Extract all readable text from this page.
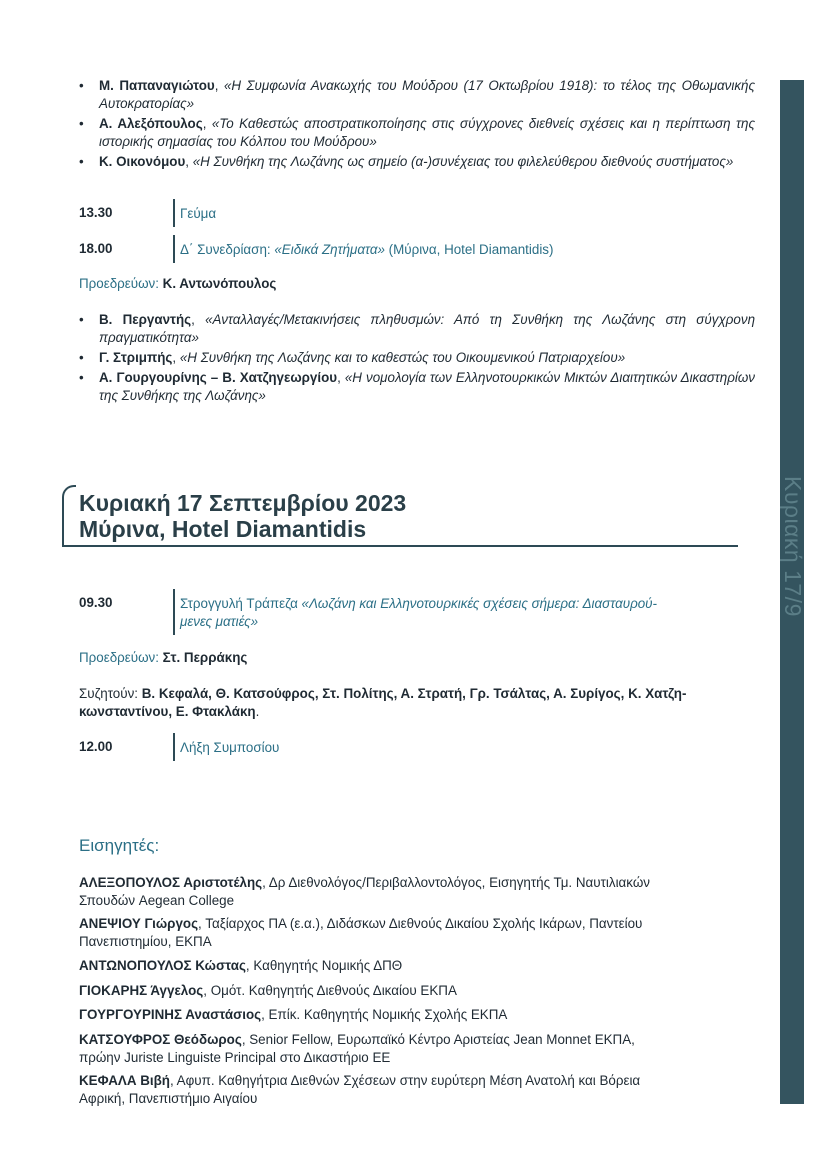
Κυριακή 17/9
• Μ. Παπαναγιώτου, «Η Συμφωνία Ανακωχής του Μούδρου (17 Οκτωβρίου 1918): το τέλος της Οθωμανικής Αυτοκρατορίας»
• Α. Αλεξόπουλος, «Το Καθεστώς αποστρατικοποίησης στις σύγχρονες διεθνείς σχέσεις και η περίπτωση της ιστορικής σημασίας του Κόλπου του Μούδρου»
• Κ. Οικονόμου, «Η Συνθήκη της Λωζάνης ως σημείο (α-)συνέχειας του φιλελεύθερου διεθνούς συστήματος»
13.30	Γεύμα
18.00	Δ΄ Συνεδρίαση: «Ειδικά Ζητήματα» (Μύρινα, Hotel Diamantidis)
Προεδρεύων: Κ. Αντωνόπουλος
• Β. Περγαντής, «Ανταλλαγές/Μετακινήσεις πληθυσμών: Από τη Συνθήκη της Λωζάνης στη σύγχρονη πραγματικότητα»
• Γ. Στριμπής, «Η Συνθήκη της Λωζάνης και το καθεστώς του Οικουμενικού Πατριαρχείου»
• Α. Γουργουρίνης – Β. Χατζηγεωργίου, «Η νομολογία των Ελληνοτουρκικών Μικτών Διαιτητικών Δικαστηρίων της Συνθήκης της Λωζάνης»
Κυριακή 17 Σεπτεμβρίου 2023
Μύρινα, Hotel Diamantidis
09.30	Στρογγυλή Τράπεζα «Λωζάνη και Ελληνοτουρκικές σχέσεις σήμερα: Διασταυρού-
μενες ματιές»
Προεδρεύων: Στ. Περράκης
Συζητούν: Β. Κεφαλά, Θ. Κατσούφρος, Στ. Πολίτης, Α. Στρατή, Γρ. Τσάλτας, Α. Συρίγος, Κ. Χατζη-
κωνσταντίνου, Ε. Φτακλάκη.
12.00	Λήξη Συμποσίου
Εισηγητές:
ΑΛΕΞΟΠΟΥΛΟΣ Αριστοτέλης, Δρ Διεθνολόγος/Περιβαλλοντολόγος, Εισηγητής Τμ. Ναυτιλιακών
Σπουδών Aegean College
ΑΝΕΨΙΟΥ Γιώργος, Ταξίαρχος ΠΑ (ε.α.), Διδάσκων Διεθνούς Δικαίου Σχολής Ικάρων, Παντείου
Πανεπιστημίου, ΕΚΠΑ
ΑΝΤΩΝΟΠΟΥΛΟΣ Κώστας, Καθηγητής Νομικής ΔΠΘ
ΓΙΟΚΑΡΗΣ Άγγελος, Ομότ. Καθηγητής Διεθνούς Δικαίου ΕΚΠΑ
ΓΟΥΡΓΟΥΡΙΝΗΣ Αναστάσιος, Επίκ. Καθηγητής Νομικής Σχολής ΕΚΠΑ
ΚΑΤΣΟΥΦΡΟΣ Θεόδωρος, Senior Fellow, Ευρωπαϊκό Κέντρο Αριστείας Jean Monnet ΕΚΠΑ,
πρώην Juriste Linguiste Principal στο Δικαστήριο ΕΕ
ΚΕΦΑΛΑ Βιβή, Αφυπ. Καθηγήτρια Διεθνών Σχέσεων στην ευρύτερη Μέση Ανατολή και Βόρεια
Αφρική, Πανεπιστήμιο Αιγαίου
